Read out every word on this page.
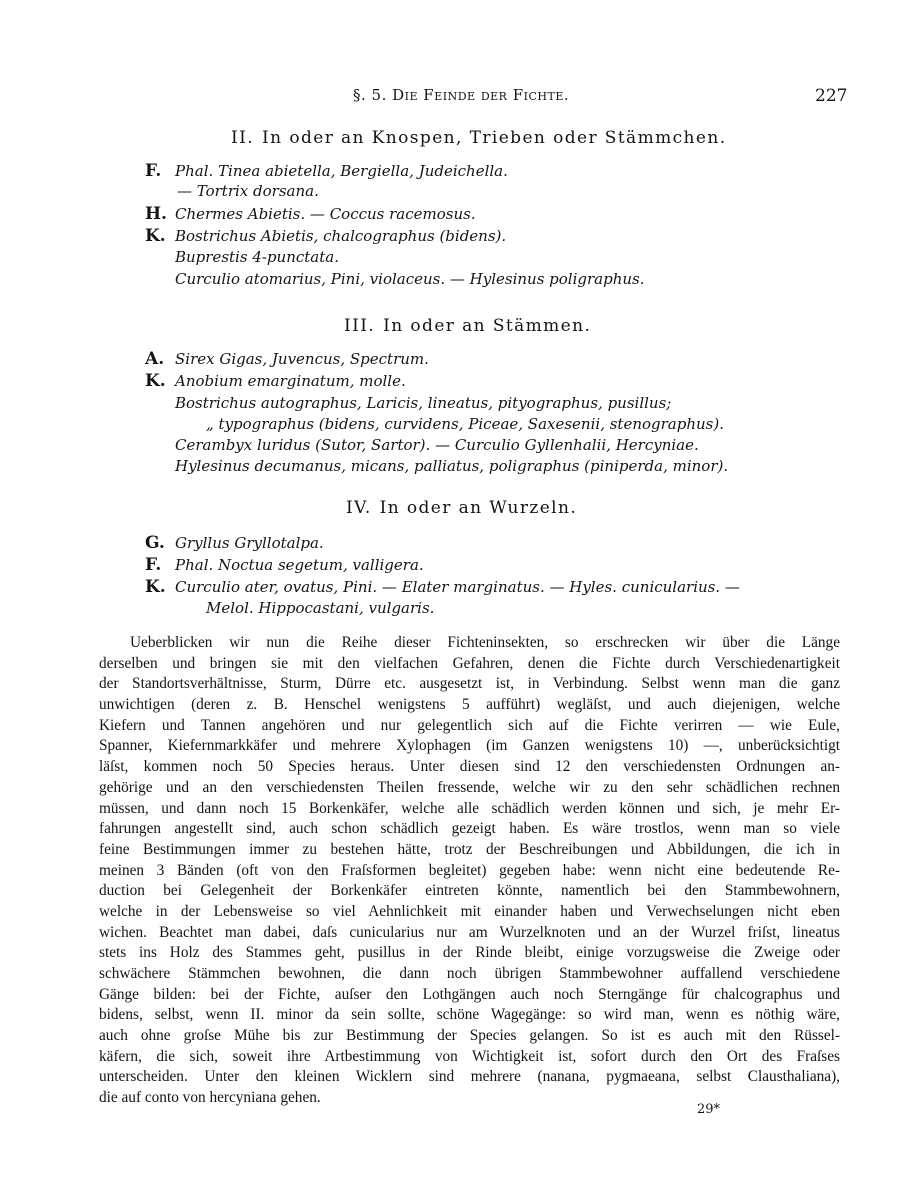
§. 5. Die Feinde der Fichte.	227
II. In oder an Knospen, Trieben oder Stämmchen.
F. Phal. Tinea abietella, Bergiella, Judeichella.
— Tortrix dorsana.
H. Chermes Abietis. — Coccus racemosus.
K. Bostrichus Abietis, chalcographus (bidens).
Buprestis 4-punctata.
Curculio atomarius, Pini, violaceus. — Hylesinus poligraphus.
III. In oder an Stämmen.
A. Sirex Gigas, Juvencus, Spectrum.
K. Anobium emarginatum, molle.
Bostrichus autographus, Laricis, lineatus, pityographus, pusillus;
„ typographus (bidens, curvidens, Piceae, Saxesenii, stenographus).
Cerambyx luridus (Sutor, Sartor). — Curculio Gyllenhalii, Hercyniae.
Hylesinus decumanus, micans, palliatus, poligraphus (piniperda, minor).
IV. In oder an Wurzeln.
G. Gryllus Gryllotalpa.
F. Phal. Noctua segetum, valligera.
K. Curculio ater, ovatus, Pini. — Elater marginatus. — Hyles. cunicularius. —
Melol. Hippocastani, vulgaris.
Ueberblicken wir nun die Reihe dieser Fichteninsekten, so erschrecken wir über die Länge
derselben und bringen sie mit den vielfachen Gefahren, denen die Fichte durch Verschiedenartigkeit
der Standortsverhältnisse, Sturm, Dürre etc. ausgesetzt ist, in Verbindung. Selbst wenn man die ganz
unwichtigen (deren z. B. Henschel wenigstens 5 aufführt) wegläſst, und auch diejenigen, welche
Kiefern und Tannen angehören und nur gelegentlich sich auf die Fichte verirren — wie Eule,
Spanner, Kiefernmarkkäfer und mehrere Xylophagen (im Ganzen wenigstens 10) —, unberücksichtigt
läſst, kommen noch 50 Species heraus. Unter diesen sind 12 den verschiedensten Ordnungen an-
gehörige und an den verschiedensten Theilen fressende, welche wir zu den sehr schädlichen rechnen
müssen, und dann noch 15 Borkenkäfer, welche alle schädlich werden können und sich, je mehr Er-
fahrungen angestellt sind, auch schon schädlich gezeigt haben. Es wäre trostlos, wenn man so viele
feine Bestimmungen immer zu bestehen hätte, trotz der Beschreibungen und Abbildungen, die ich in
meinen 3 Bänden (oft von den Fraſsformen begleitet) gegeben habe: wenn nicht eine bedeutende Re-
duction bei Gelegenheit der Borkenkäfer eintreten könnte, namentlich bei den Stammbewohnern,
welche in der Lebensweise so viel Aehnlichkeit mit einander haben und Verwechselungen nicht eben
wichen. Beachtet man dabei, daſs cunicularius nur am Wurzelknoten und an der Wurzel friſst, lineatus
stets ins Holz des Stammes geht, pusillus in der Rinde bleibt, einige vorzugsweise die Zweige oder
schwächere Stämmchen bewohnen, die dann noch übrigen Stammbewohner auffallend verschiedene
Gänge bilden: bei der Fichte, auſser den Lothgängen auch noch Sterngänge für chalcographus und
bidens, selbst, wenn II. minor da sein sollte, schöne Wagegänge: so wird man, wenn es nöthig wäre,
auch ohne groſse Mühe bis zur Bestimmung der Species gelangen. So ist es auch mit den Rüssel-
käfern, die sich, soweit ihre Artbestimmung von Wichtigkeit ist, sofort durch den Ort des Fraſses
unterscheiden. Unter den kleinen Wicklern sind mehrere (nanana, pygmaeana, selbst Clausthaliana),
die auf conto von hercyniana gehen.
29*
